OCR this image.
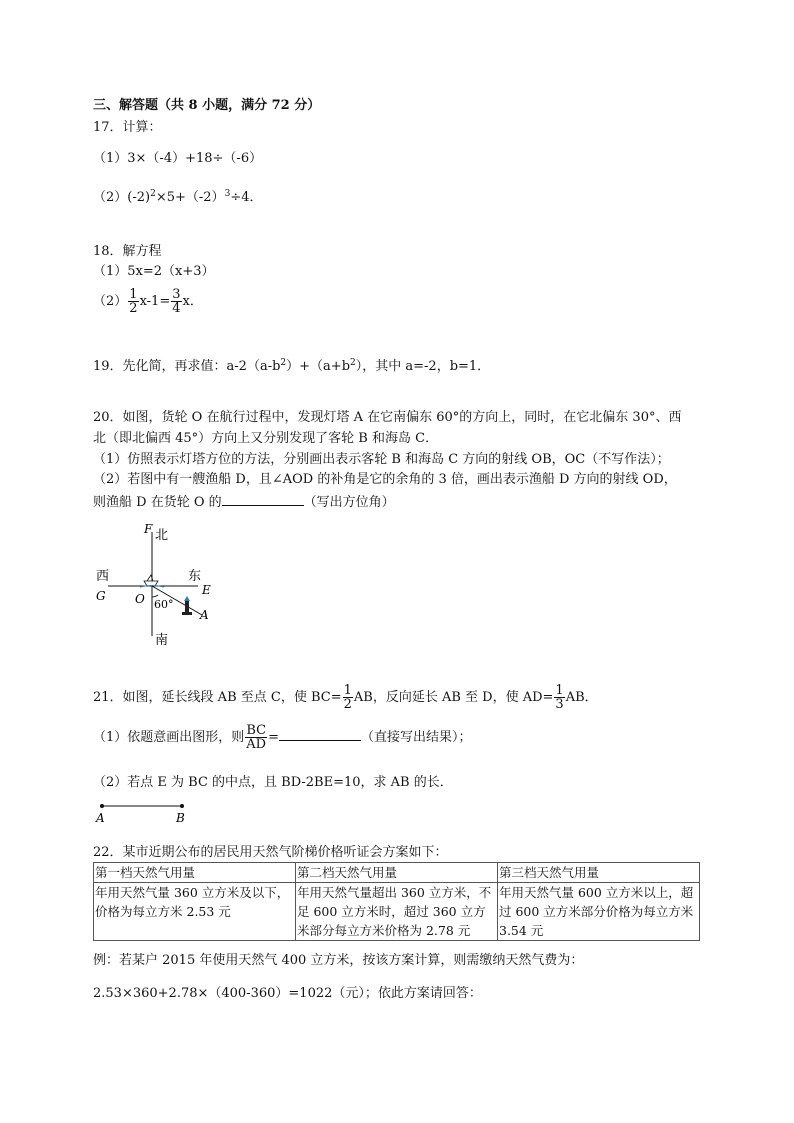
三、解答题（共 8 小题，满分 72 分）
17．计算：
（1）3×（-4）+18÷（-6）
$(2)(-2)^2\times 5+(-2)^3\div 4$．
18．解方程
（1）5x=2（x+3）
$(2) \frac{1}{2} x-1= \frac{3}{4}$ x．
19．先化简，再求值：$a-2(a-b^2)+(a+b^2)$，其中 a=-2，b=1．
20．如图，货轮 O 在航行过程中，发现灯塔 A 在它南偏东 60°的方向上，同时，在它北偏东 30°、西
北（即北偏西 45°）方向上又分别发现了客轮 B 和海岛 C．
（1）仿照表示灯塔方位的方法，分别画出表示客轮 B 和海岛 C 方向的射线 OB，OC（不写作法）；
（2）若图中有一艘渔船 D，且∠AOD 的补角是它的余角的 3 倍，画出表示渔船 D 方向的射线 OD，
则渔船 D 在货轮 O 的	（写出方位角）
F 北
西	东
E
G O 60°
A
南
21．如图，延长线段 AB 至点 C，使 $BC= \frac{1}{2}$ AB，反向延长 AB 至 D，使 $AD= \frac{1}{3}$ AB．
（1）依题意画出图形，则 $\frac{BC}{AD}$ =	（直接写出结果）；
（2）若点 E 为 BC 的中点，且 BD-2BE=10，求 AB 的长．
A	B
22．某市近期公布的居民用天然气阶梯价格听证会方案如下：
第一档天然气用量	第二档天然气用量	第三档天然气用量
年用天然气量 360 立方米及以下，价格为每立方米 2.53 元	年用天然气量超出 360 立方米，不足 600 立方米时，超过 360 立方米部分每立方米价格为 2.78 元	年用天然气量 600 立方米以上，超过 600 立方米部分价格为每立方米 3.54 元
例：若某户 2015 年使用天然气 400 立方米，按该方案计算，则需缴纳天然气费为：
2.53×360+2.78×（400-360）=1022（元）；依此方案请回答：
